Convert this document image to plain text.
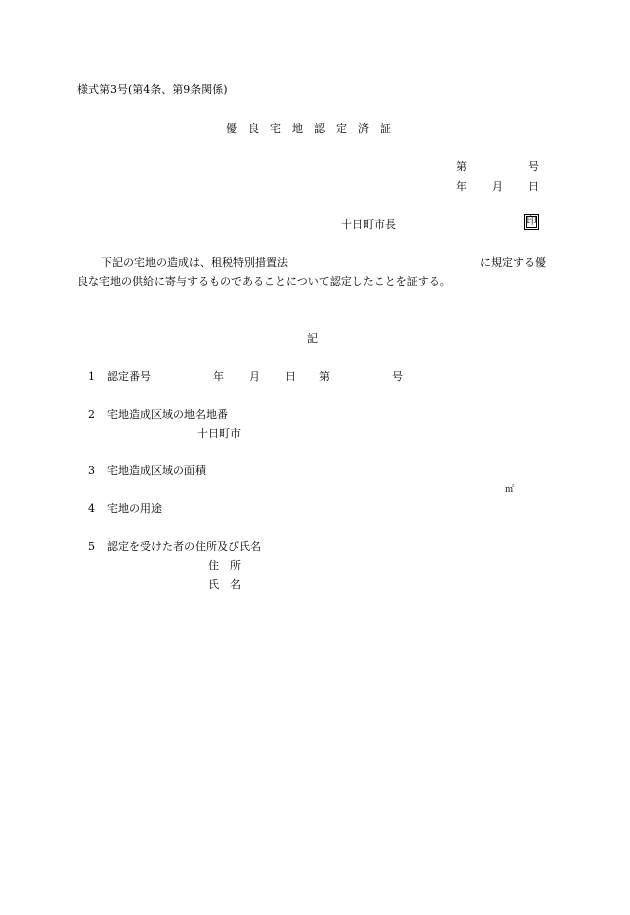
様式第3号(第4条、第9条関係)
優良宅地認定済証
第	号
年 月 日
十日町市長	印
下記の宅地の造成は、租税特別措置法	に規定する優
良な宅地の供給に寄与するものであることについて認定したことを証する。
記
1 認定番号	年 月 日 第	号
2 宅地造成区域の地名地番
十日町市
3 宅地造成区域の面積
㎡
4 宅地の用途
5 認定を受けた者の住所及び氏名
住　所
氏　名
